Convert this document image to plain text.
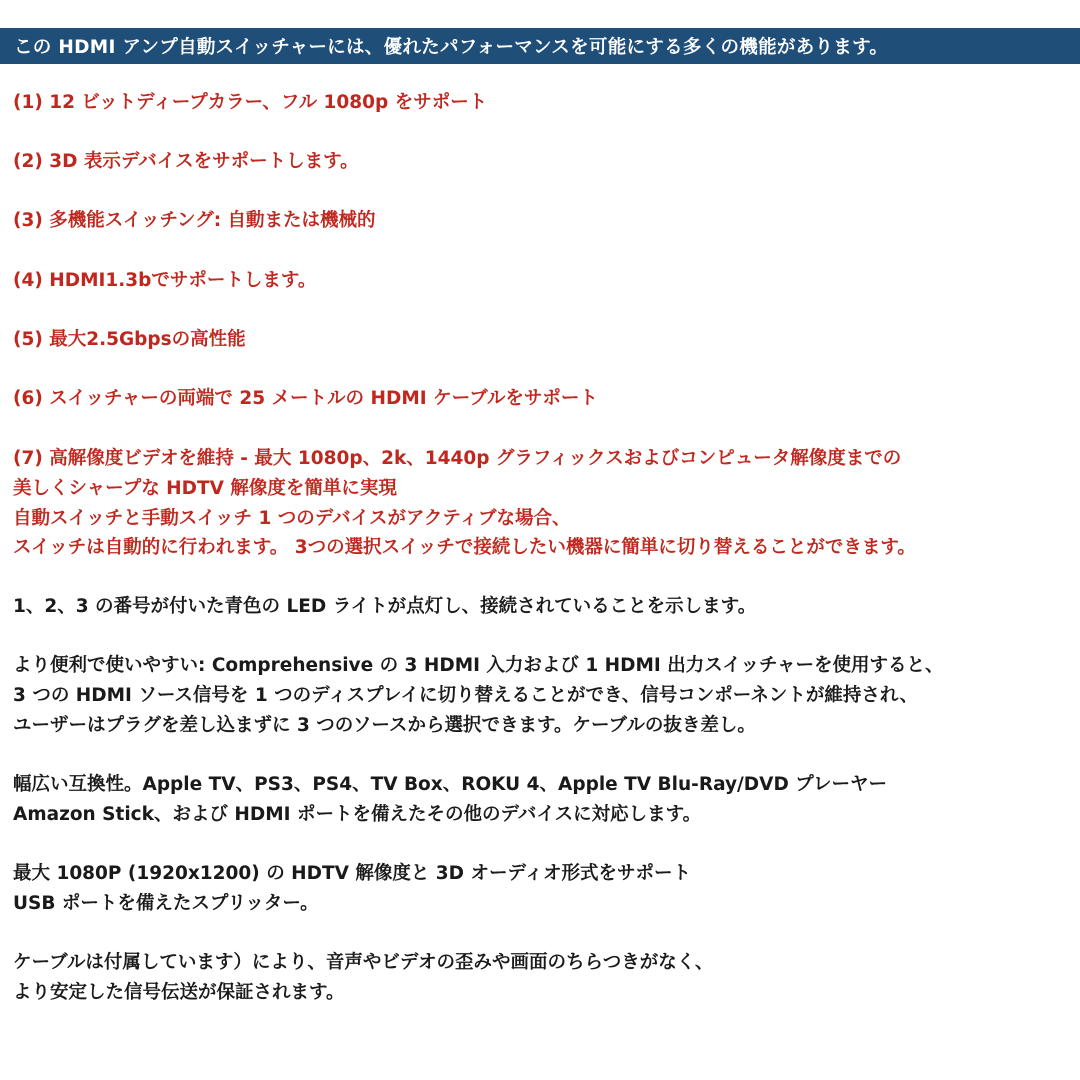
この HDMI アンプ自動スイッチャーには、優れたパフォーマンスを可能にする多くの機能があります。
(1) 12 ビットディープカラー、フル 1080p をサポート
(2) 3D 表示デバイスをサポートします。
(3) 多機能スイッチング: 自動または機械的
(4) HDMI1.3bでサポートします。
(5) 最大2.5Gbpsの高性能
(6) スイッチャーの両端で 25 メートルの HDMI ケーブルをサポート
(7) 高解像度ビデオを維持 - 最大 1080p、2k、1440p グラフィックスおよびコンピュータ解像度までの
美しくシャープな HDTV 解像度を簡単に実現
自動スイッチと手動スイッチ 1 つのデバイスがアクティブな場合、
スイッチは自動的に行われます。 3つの選択スイッチで接続したい機器に簡単に切り替えることができます。
1、2、3 の番号が付いた青色の LED ライトが点灯し、接続されていることを示します。
より便利で使いやすい: Comprehensive の 3 HDMI 入力および 1 HDMI 出力スイッチャーを使用すると、
3 つの HDMI ソース信号を 1 つのディスプレイに切り替えることができ、信号コンポーネントが維持され、
ユーザーはプラグを差し込まずに 3 つのソースから選択できます。ケーブルの抜き差し。
幅広い互換性。Apple TV、PS3、PS4、TV Box、ROKU 4、Apple TV Blu-Ray/DVD プレーヤー
Amazon Stick、および HDMI ポートを備えたその他のデバイスに対応します。
最大 1080P (1920x1200) の HDTV 解像度と 3D オーディオ形式をサポート
USB ポートを備えたスプリッター。
ケーブルは付属しています）により、音声やビデオの歪みや画面のちらつきがなく、
より安定した信号伝送が保証されます。
